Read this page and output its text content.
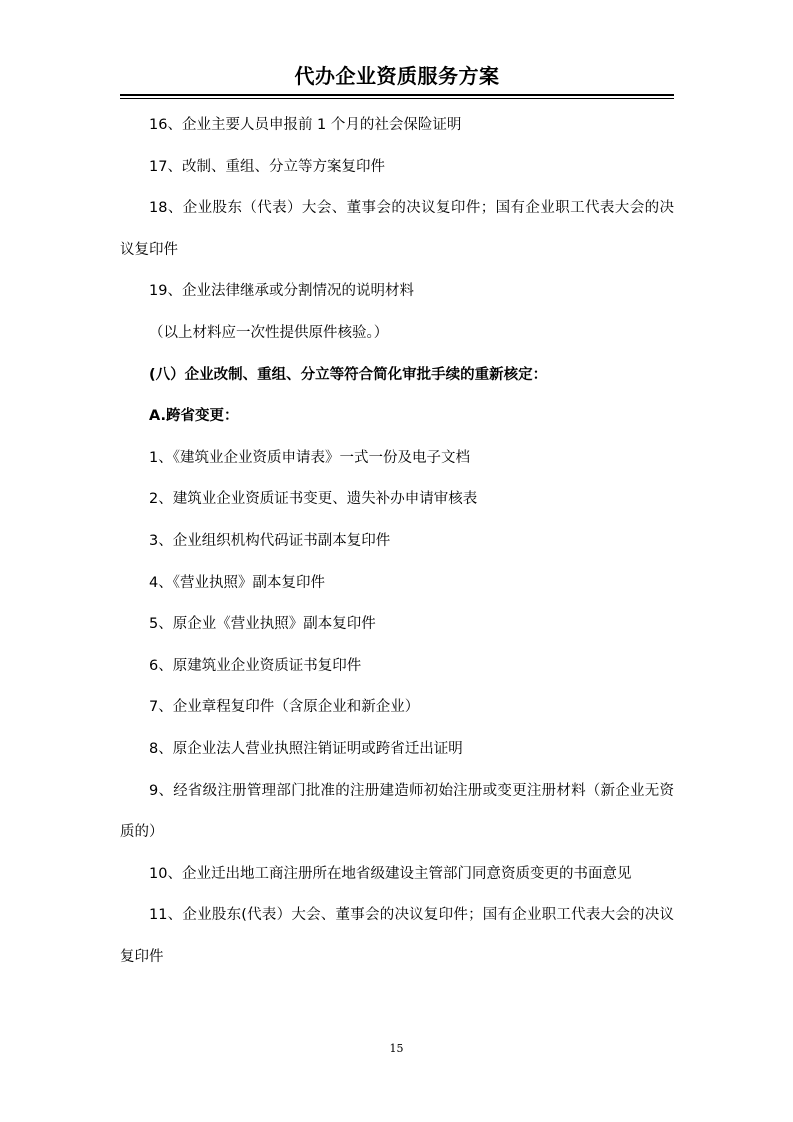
代办企业资质服务方案

16、企业主要人员申报前 1 个月的社会保险证明

17、改制、重组、分立等方案复印件

18、企业股东（代表）大会、董事会的决议复印件；国有企业职工代表大会的决议复印件

19、企业法律继承或分割情况的说明材料

（以上材料应一次性提供原件核验。）

(八）企业改制、重组、分立等符合简化审批手续的重新核定：

A.跨省变更：

1、《建筑业企业资质申请表》一式一份及电子文档

2、建筑业企业资质证书变更、遗失补办申请审核表

3、企业组织机构代码证书副本复印件

4、《营业执照》副本复印件

5、原企业《营业执照》副本复印件

6、原建筑业企业资质证书复印件

7、企业章程复印件（含原企业和新企业）

8、原企业法人营业执照注销证明或跨省迁出证明

9、经省级注册管理部门批准的注册建造师初始注册或变更注册材料（新企业无资质的）

10、企业迁出地工商注册所在地省级建设主管部门同意资质变更的书面意见

11、企业股东(代表）大会、董事会的决议复印件；国有企业职工代表大会的决议复印件

15
